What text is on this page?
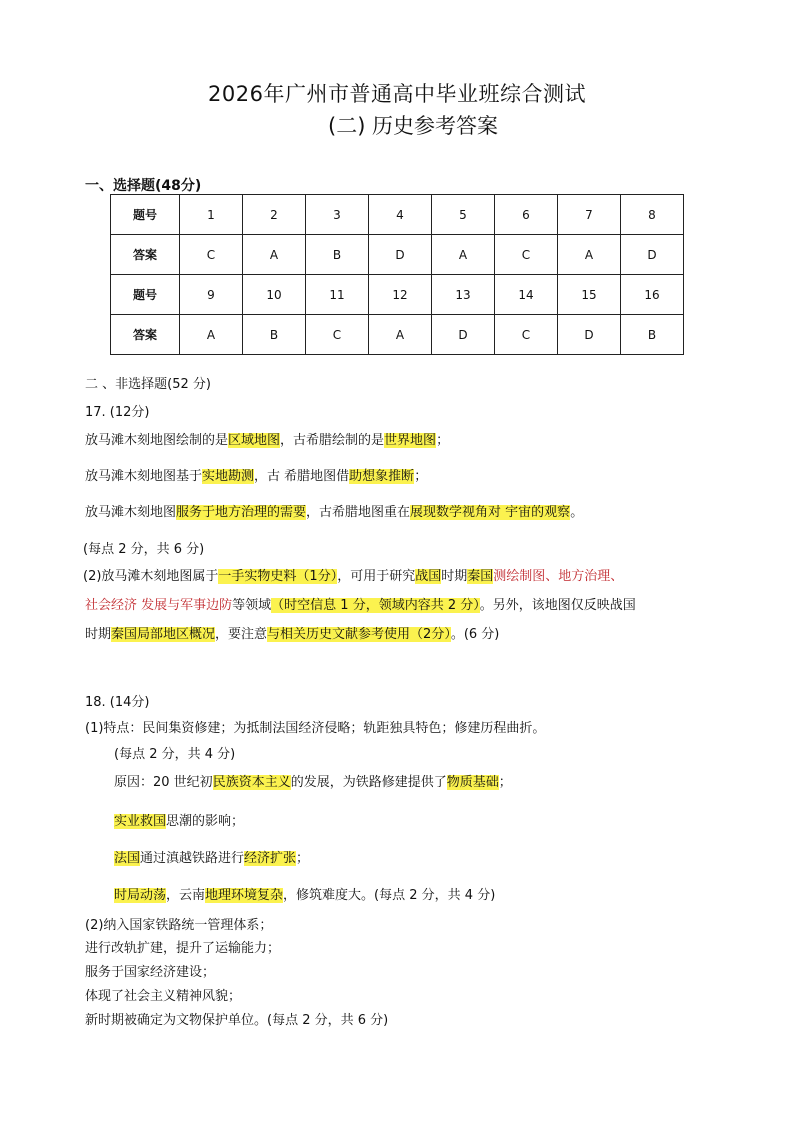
2026年广州市普通高中毕业班综合测试
(二) 历史参考答案
一、选择题(48分)
题号	1	2	3	4	5	6	7	8
答案	C	A	B	D	A	C	A	D
题号	9	10	11	12	13	14	15	16
答案	A	B	C	A	D	C	D	B
二 、非选择题(52 分)
17. (12分)
放马滩木刻地图绘制的是区域地图，古希腊绘制的是世界地图；
放马滩木刻地图基于实地勘测，古 希腊地图借助想象推断；
放马滩木刻地图服务于地方治理的需要，古希腊地图重在展现数学视角对 宇宙的观察。
(每点 2 分，共 6 分)
(2)放马滩木刻地图属于一手实物史料（1分），可用于研究战国时期秦国测绘制图、地方治理、
社会经济 发展与军事边防等领域（时空信息 1 分，领域内容共 2 分）。另外，该地图仅反映战国
时期秦国局部地区概况，要注意与相关历史文献参考使用（2分）。(6 分)
18. (14分)
(1)特点：民间集资修建；为抵制法国经济侵略；轨距独具特色；修建历程曲折。
(每点 2 分，共 4 分)
原因：20 世纪初民族资本主义的发展，为铁路修建提供了物质基础；
实业救国思潮的影响；
法国通过滇越铁路进行经济扩张；
时局动荡，云南地理环境复杂，修筑难度大。(每点 2 分，共 4 分)
(2)纳入国家铁路统一管理体系；
进行改轨扩建，提升了运输能力；
服务于国家经济建设；
体现了社会主义精神风貌；
新时期被确定为文物保护单位。(每点 2 分，共 6 分)
